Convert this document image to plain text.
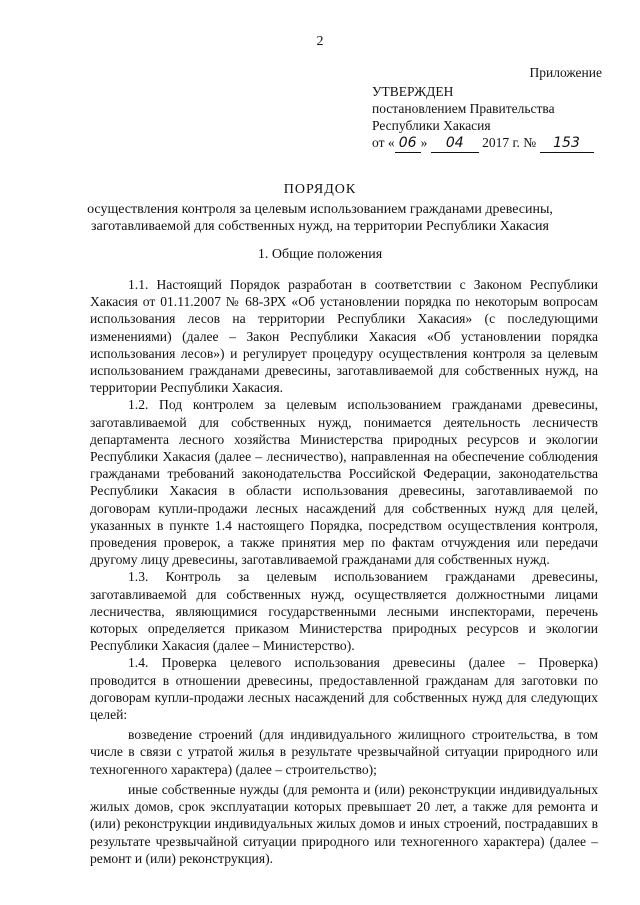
2
Приложение
УТВЕРЖДЕН
постановлением Правительства
Республики Хакасия
от « 06 » 04 2017 г. № 153
ПОРЯДОК
осуществления контроля за целевым использованием гражданами древесины,
заготавливаемой для собственных нужд, на территории Республики Хакасия
1. Общие положения

1.1. Настоящий Порядок разработан в соответствии с Законом Республики Хакасия от 01.11.2007 № 68-ЗРХ «Об установлении порядка по некоторым вопросам использования лесов на территории Республики Хакасия» (с последующими изменениями) (далее – Закон Республики Хакасия «Об установлении порядка использования лесов») и регулирует процедуру осуществления контроля за целевым использованием гражданами древесины, заготавливаемой для собственных нужд, на территории Республики Хакасия.

1.2. Под контролем за целевым использованием гражданами древесины, заготавливаемой для собственных нужд, понимается деятельность лесничеств департамента лесного хозяйства Министерства природных ресурсов и экологии Республики Хакасия (далее – лесничество), направленная на обеспечение соблюдения гражданами требований законодательства Российской Федерации, законодательства Республики Хакасия в области использования древесины, заготавливаемой по договорам купли-продажи лесных насаждений для собственных нужд для целей, указанных в пункте 1.4 настоящего Порядка, посредством осуществления контроля, проведения проверок, а также принятия мер по фактам отчуждения или передачи другому лицу древесины, заготавливаемой гражданами для собственных нужд.

1.3. Контроль за целевым использованием гражданами древесины, заготавливаемой для собственных нужд, осуществляется должностными лицами лесничества, являющимися государственными лесными инспекторами, перечень которых определяется приказом Министерства природных ресурсов и экологии Республики Хакасия (далее – Министерство).

1.4. Проверка целевого использования древесины (далее – Проверка) проводится в отношении древесины, предоставленной гражданам для заготовки по договорам купли-продажи лесных насаждений для собственных нужд для следующих целей:

возведение строений (для индивидуального жилищного строительства, в том числе в связи с утратой жилья в результате чрезвычайной ситуации природного или техногенного характера) (далее – строительство);

иные собственные нужды (для ремонта и (или) реконструкции индивидуальных жилых домов, срок эксплуатации которых превышает 20 лет, а также для ремонта и (или) реконструкции индивидуальных жилых домов и иных строений, пострадавших в результате чрезвычайной ситуации природного или техногенного характера) (далее – ремонт и (или) реконструкция).
